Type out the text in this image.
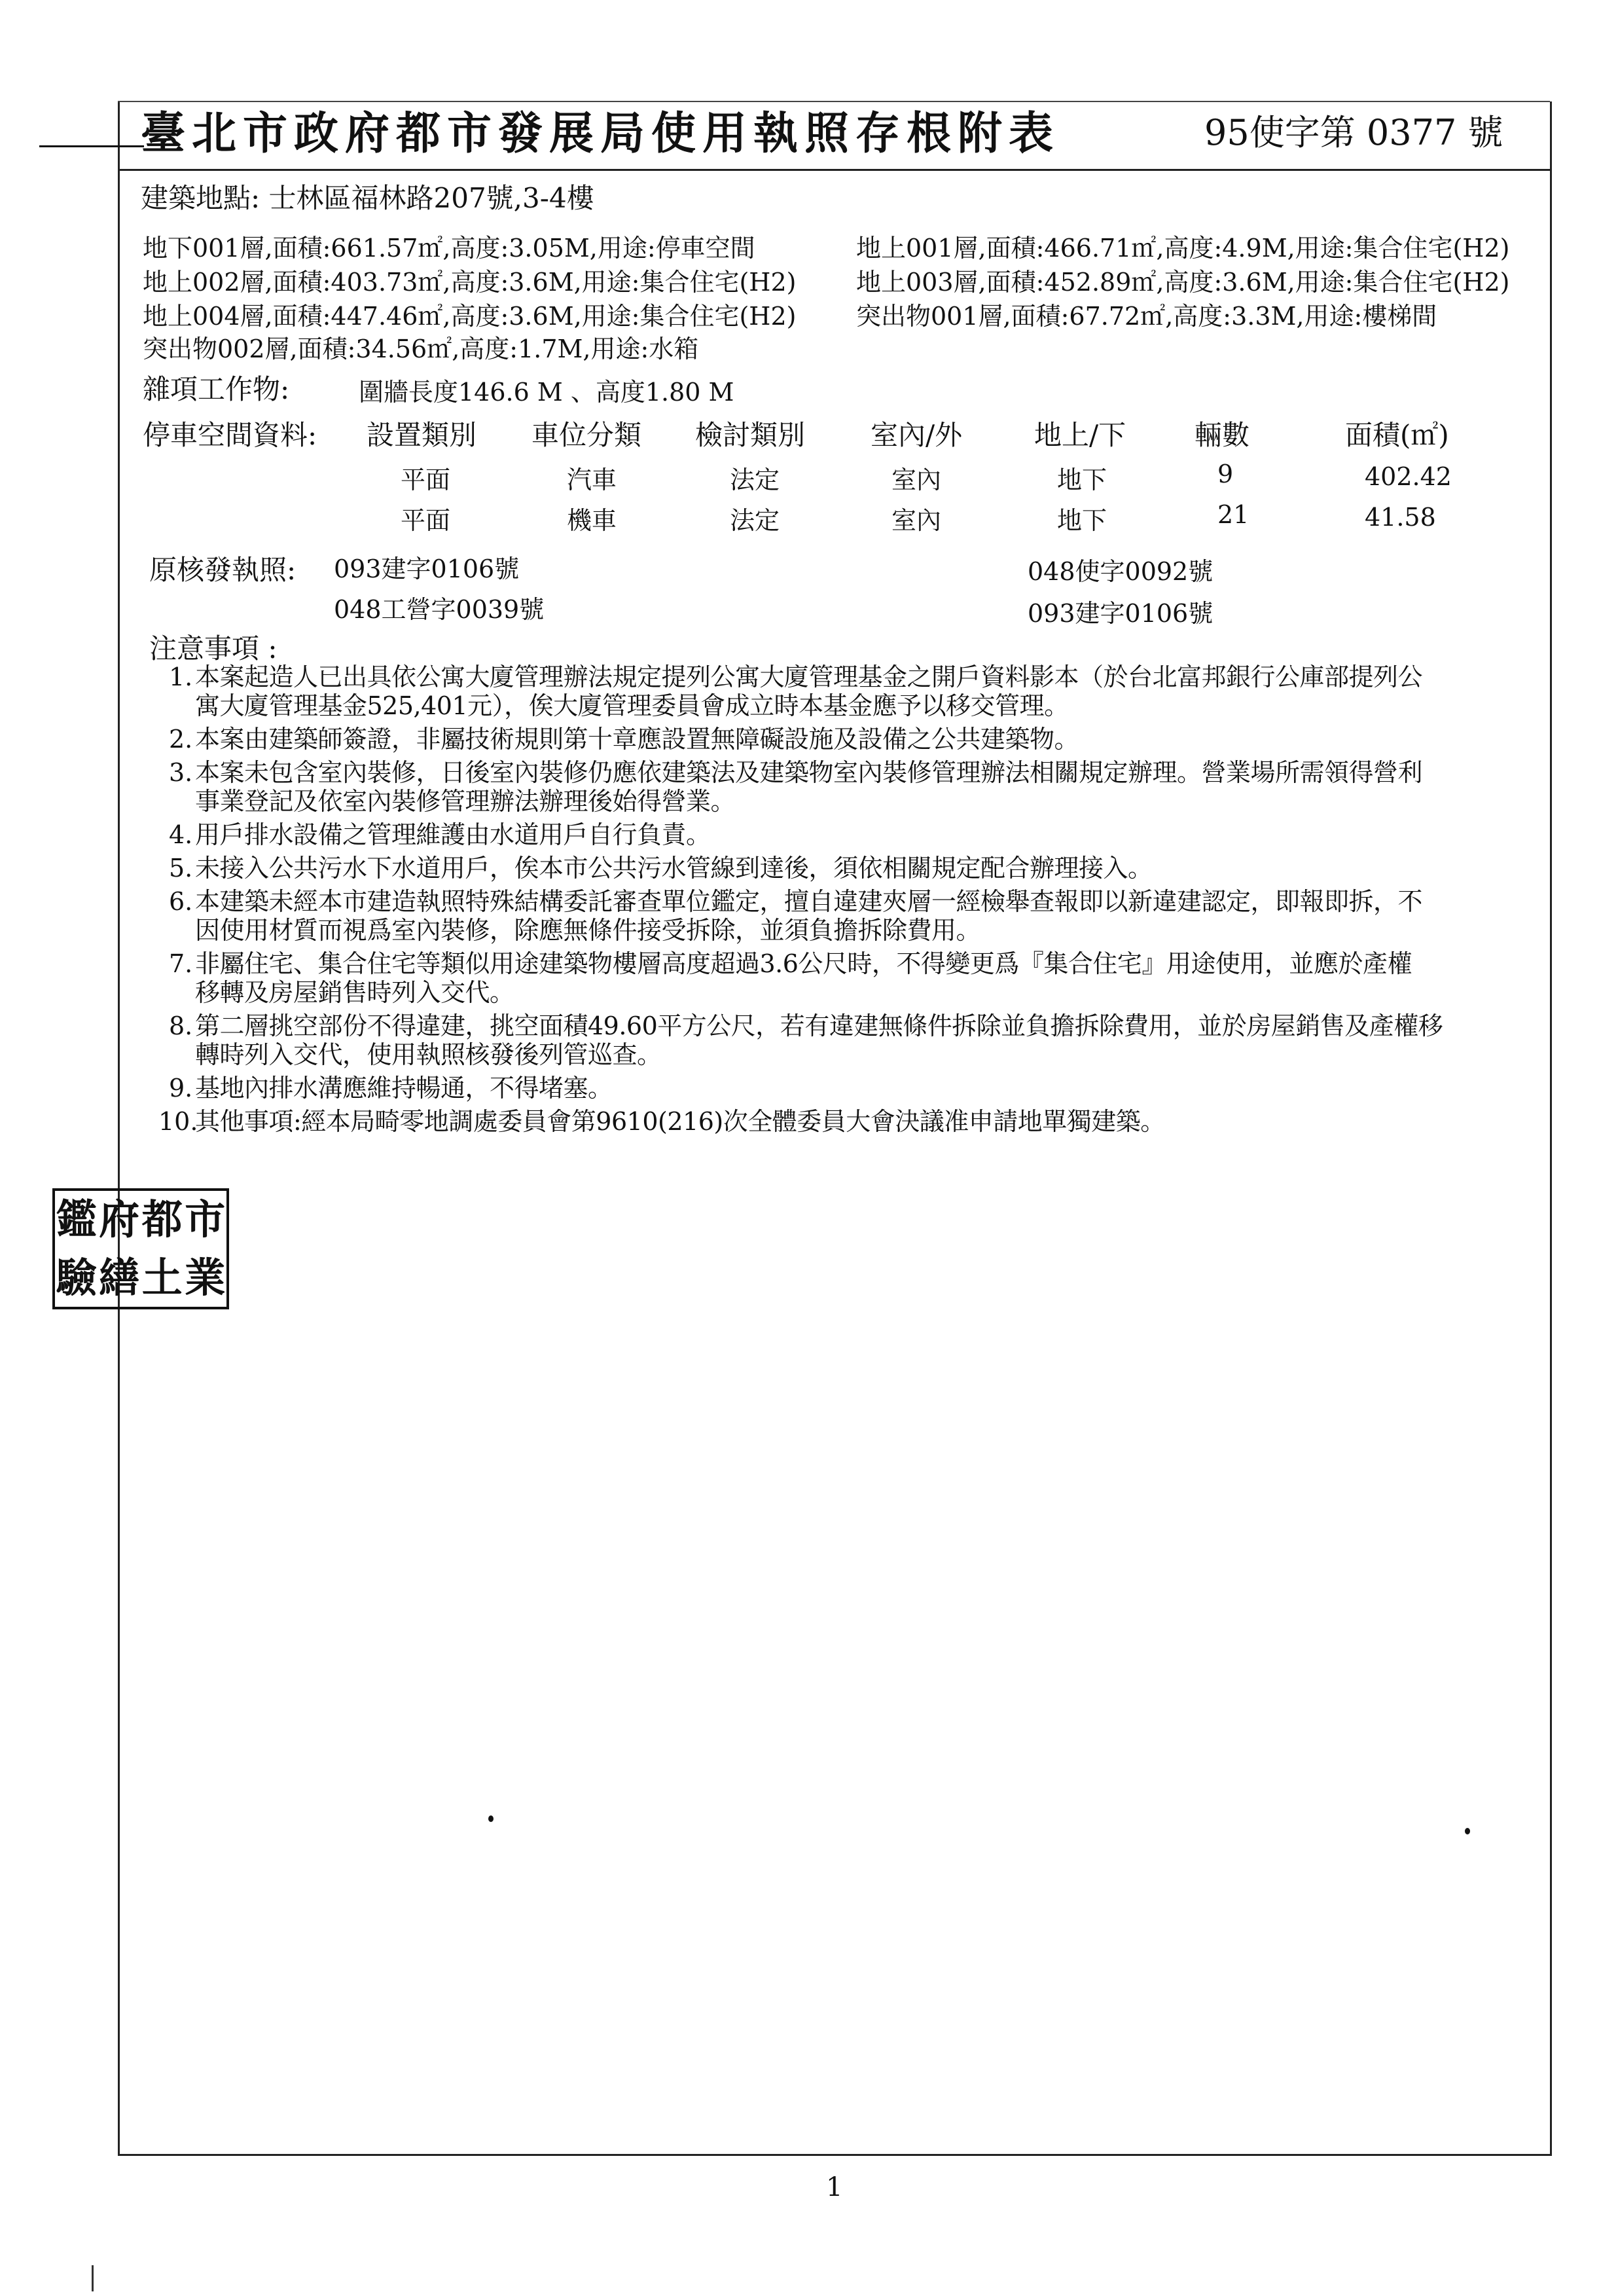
臺北市政府都市發展局使用執照存根附表	95使字第 0377 號
建築地點: 士林區福林路207號,3-4樓
地下001層,面積:661.57㎡,高度:3.05M,用途:停車空間	地上001層,面積:466.71㎡,高度:4.9M,用途:集合住宅(H2)
地上002層,面積:403.73㎡,高度:3.6M,用途:集合住宅(H2) 地上003層,面積:452.89㎡,高度:3.6M,用途:集合住宅(H2)
地上004層,面積:447.46㎡,高度:3.6M,用途:集合住宅(H2) 突出物001層,面積:67.72㎡,高度:3.3M,用途:樓梯間
突出物002層,面積:34.56㎡,高度:1.7M,用途:水箱
雜項工作物:	圍牆長度146.6 M 、高度1.80 M
停車空間資料: 設置類別 車位分類 檢討類別 室內/外	地上/下 輛數	面積(㎡)
平面	汽車	法定	室內	地下	9	402.42
平面	機車	法定	室內	地下	21	41.58
原核發執照: 093建字0106號	048使字0092號
048工營字0039號	093建字0106號
注意事項 :
1. 本案起造人已出具依公寓大廈管理辦法規定提列公寓大廈管理基金之開戶資料影本（於台北富邦銀行公庫部提列公
寓大廈管理基金525,401元），俟大廈管理委員會成立時本基金應予以移交管理。
2. 本案由建築師簽證，非屬技術規則第十章應設置無障礙設施及設備之公共建築物。
3. 本案未包含室內裝修，日後室內裝修仍應依建築法及建築物室內裝修管理辦法相關規定辦理。營業場所需領得營利
事業登記及依室內裝修管理辦法辦理後始得營業。
4. 用戶排水設備之管理維護由水道用戶自行負責。
5. 未接入公共污水下水道用戶，俟本市公共污水管線到達後，須依相關規定配合辦理接入。
6. 本建築未經本市建造執照特殊結構委託審查單位鑑定，擅自違建夾層一經檢舉查報即以新違建認定，即報即拆，不
因使用材質而視爲室內裝修，除應無條件接受拆除，並須負擔拆除費用。
7. 非屬住宅、集合住宅等類似用途建築物樓層高度超過3.6公尺時，不得變更爲『集合住宅』用途使用，並應於產權
移轉及房屋銷售時列入交代。
8. 第二層挑空部份不得違建，挑空面積49.60平方公尺，若有違建無條件拆除並負擔拆除費用，並於房屋銷售及產權移
轉時列入交代，使用執照核發後列管巡查。
9. 基地內排水溝應維持暢通，不得堵塞。
10.
其他事項:經本局畸零地調處委員會第9610(216)次全體委員大會決議准申請地單獨建築。
鑑 府 都 市
驗 繕 土 業
1
